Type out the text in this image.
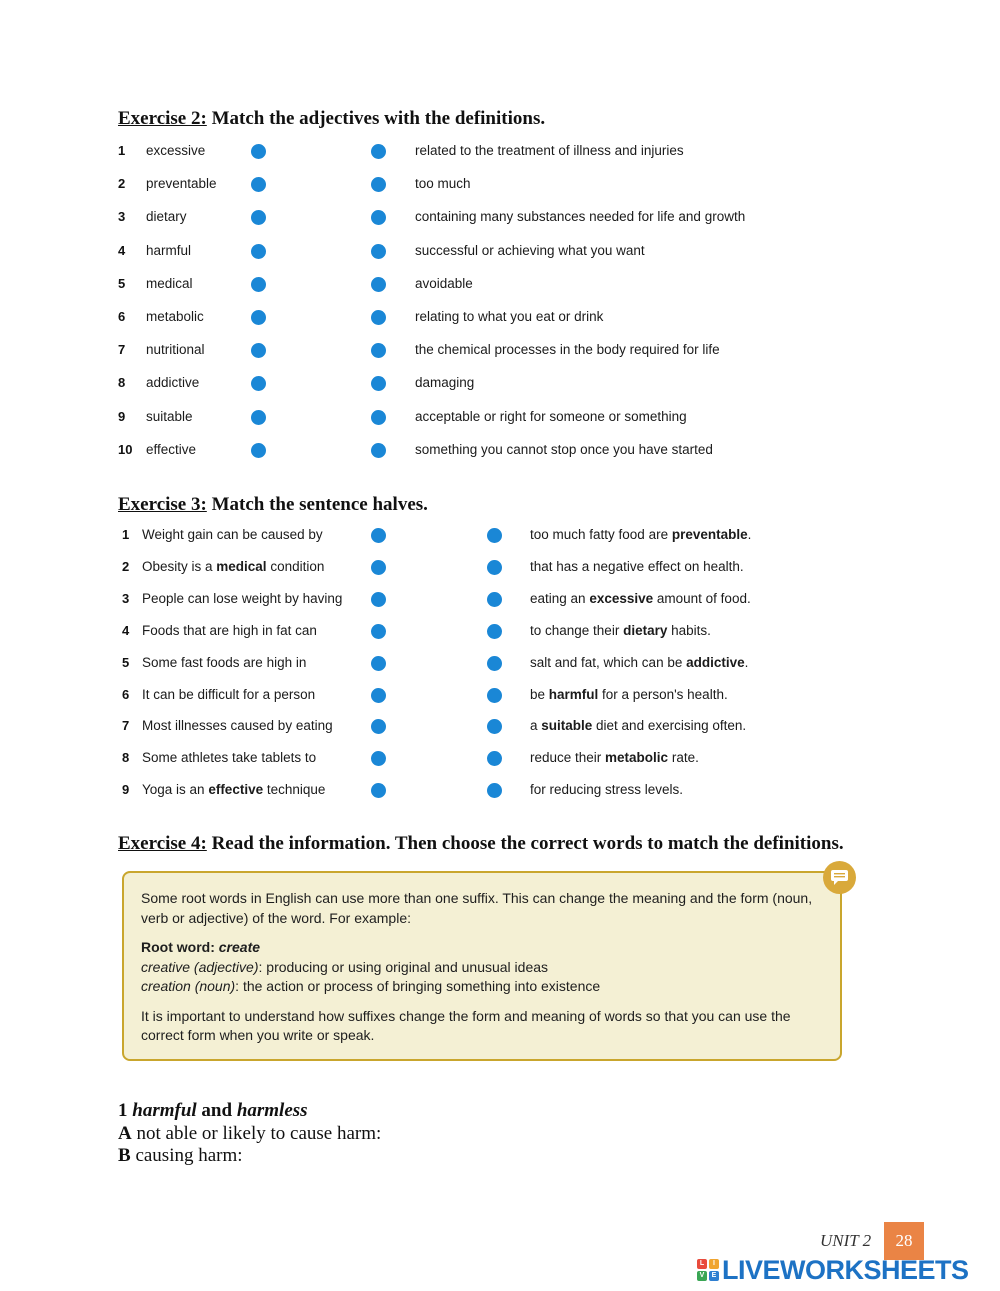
Exercise 2: Match the adjectives with the definitions.
1	excessive	related to the treatment of illness and injuries
2	preventable	too much
3	dietary	containing many substances needed for life and growth
4	harmful	successful or achieving what you want
5	medical	avoidable
6	metabolic	relating to what you eat or drink
7	nutritional	the chemical processes in the body required for life
8	addictive	damaging
9	suitable	acceptable or right for someone or something
10 effective	something you cannot stop once you have started
Exercise 3: Match the sentence halves.
1 Weight gain can be caused by	too much fatty food are preventable.
2 Obesity is a medical condition	that has a negative effect on health.
3 People can lose weight by having	eating an excessive amount of food.
4 Foods that are high in fat can	to change their dietary habits.
5 Some fast foods are high in	salt and fat, which can be addictive.
6 It can be difficult for a person	be harmful for a person's health.
7 Most illnesses caused by eating	a suitable diet and exercising often.
8 Some athletes take tablets to	reduce their metabolic rate.
9 Yoga is an effective technique	for reducing stress levels.
Exercise 4: Read the information. Then choose the correct words to match the definitions.

Some root words in English can use more than one suffix. This can change the meaning and the form (noun, verb or adjective) of the word. For example:

Root word: create

creative (adjective): producing or using original and unusual ideas

creation (noun): the action or process of bringing something into existence

It is important to understand how suffixes change the form and meaning of words so that you can use the correct form when you write or speak.

1 harmful and harmless
A not able or likely to cause harm:
B causing harm:
UNIT 2	28
L	I
V	E LIVEWORKSHEETS
